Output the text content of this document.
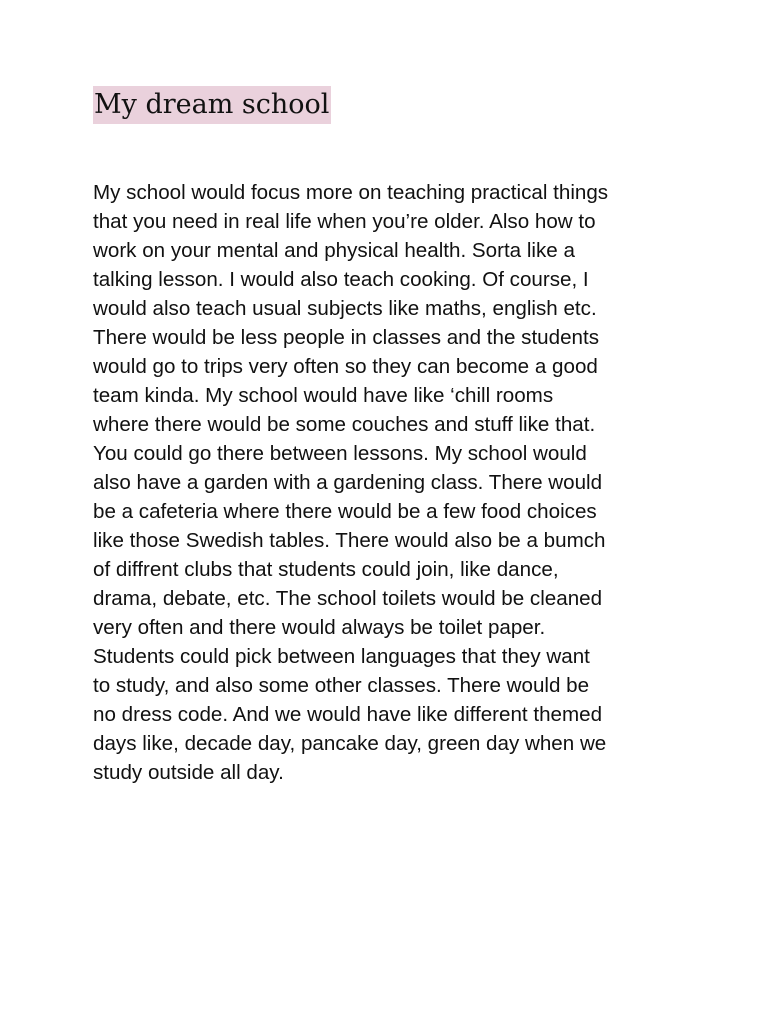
My dream school
My school would focus more on teaching practical things
that you need in real life when you’re older. Also how to
work on your mental and physical health. Sorta like a
talking lesson. I would also teach cooking. Of course, I
would also teach usual subjects like maths, english etc.
There would be less people in classes and the students
would go to trips very often so they can become a good
team kinda. My school would have like ‘chill rooms
where there would be some couches and stuff like that.
You could go there between lessons. My school would
also have a garden with a gardening class. There would
be a cafeteria where there would be a few food choices
like those Swedish tables. There would also be a bumch
of diffrent clubs that students could join, like dance,
drama, debate, etc. The school toilets would be cleaned
very often and there would always be toilet paper.
Students could pick between languages that they want
to study, and also some other classes. There would be
no dress code. And we would have like different themed
days like, decade day, pancake day, green day when we
study outside all day.
